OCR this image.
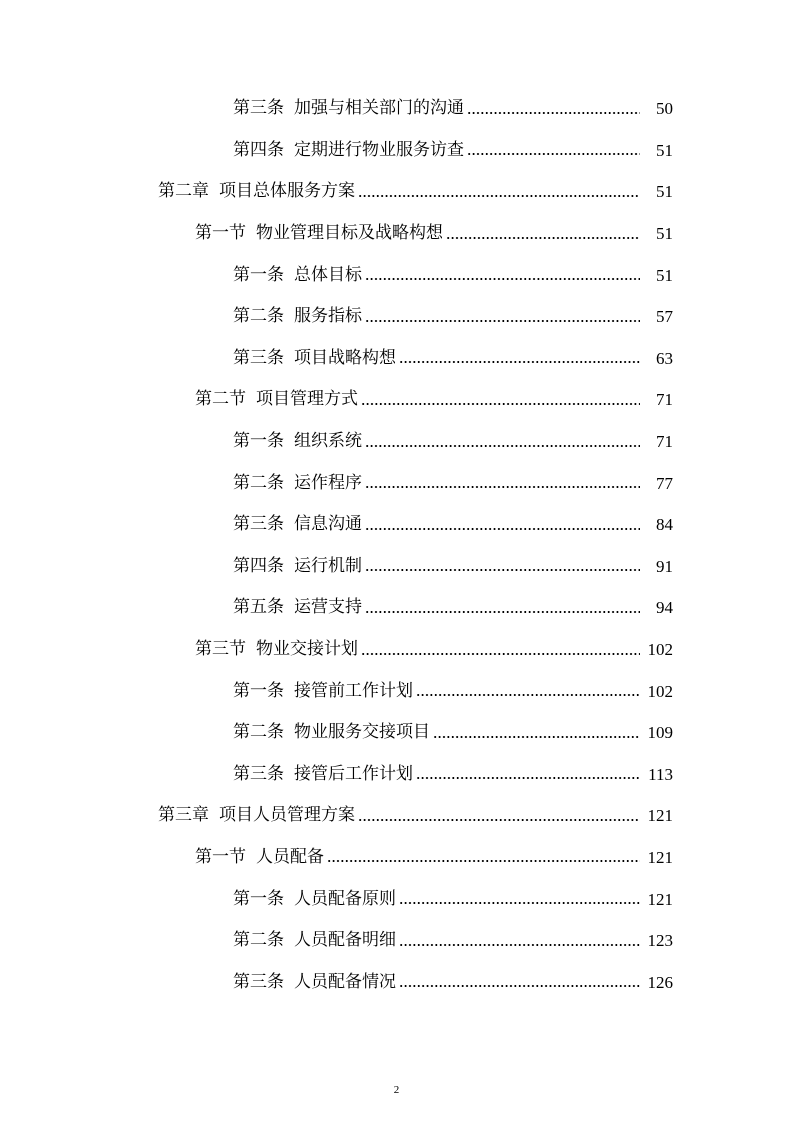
第三条 加强与相关部门的沟通	50
第四条 定期进行物业服务访查	51
第二章 项目总体服务方案	51
第一节 物业管理目标及战略构想	51
第一条 总体目标	51
第二条 服务指标	57
第三条 项目战略构想	63
第二节 项目管理方式	71
第一条 组织系统	71
第二条 运作程序	77
第三条 信息沟通	84
第四条 运行机制	91
第五条 运营支持	94
第三节 物业交接计划	102
第一条 接管前工作计划	102
第二条 物业服务交接项目	109
第三条 接管后工作计划	113
第三章 项目人员管理方案	121
第一节 人员配备	121
第一条 人员配备原则	121
第二条 人员配备明细	123
第三条 人员配备情况	126
2
